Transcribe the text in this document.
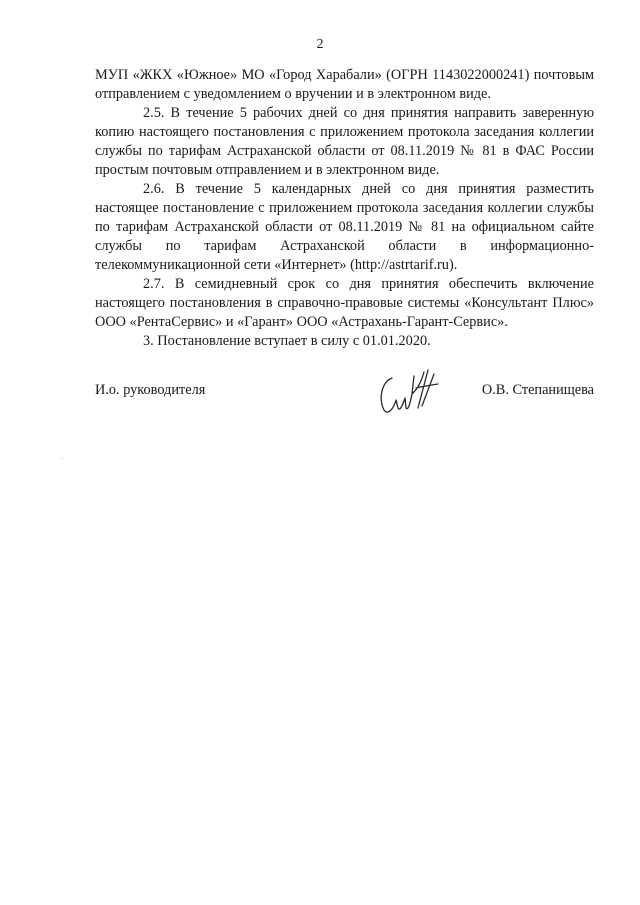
2

МУП «ЖКХ «Южное» МО «Город Харабали» (ОГРН 1143022000241) почтовым отправлением с уведомлением о вручении и в электронном виде.

2.5. В течение 5 рабочих дней со дня принятия направить заверенную копию настоящего постановления с приложением протокола заседания коллегии службы по тарифам Астраханской области от 08.11.2019 № 81 в ФАС России простым почтовым отправлением и в электронном виде.

2.6. В течение 5 календарных дней со дня принятия разместить настоящее постановление с приложением протокола заседания коллегии службы по тарифам Астраханской области от 08.11.2019 № 81 на официальном сайте службы по тарифам Астраханской области в информационно-телекоммуникационной сети «Интернет» (http://astrtarif.ru).

2.7. В семидневный срок со дня принятия обеспечить включение настоящего постановления в справочно-правовые системы «Консультант Плюс» ООО «РентаСервис» и «Гарант» ООО «Астрахань-Гарант-Сервис».

3. Постановление вступает в силу с 01.01.2020.

И.о. руководителя	О.В. Степанищева
